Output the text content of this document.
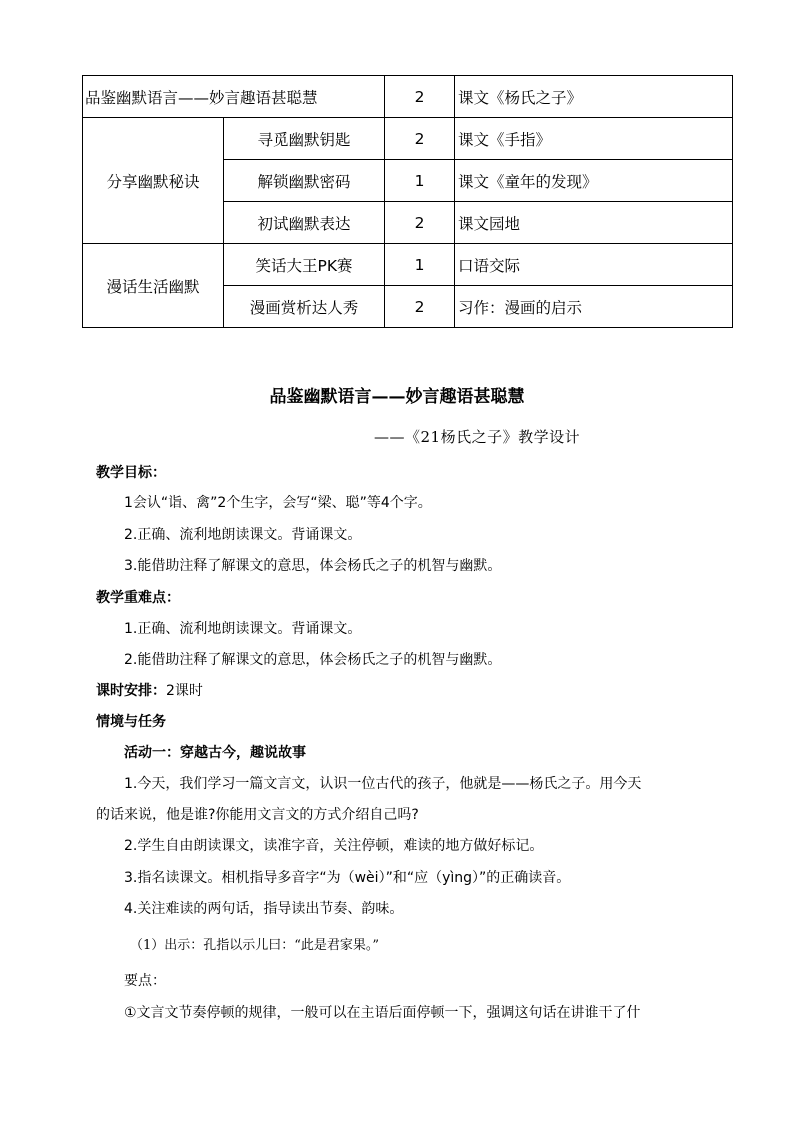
品鉴幽默语言——妙言趣语甚聪慧		2	课文《杨氏之子》
分享幽默秘诀	寻觅幽默钥匙	2	课文《手指》
	解锁幽默密码	1	课文《童年的发现》
	初试幽默表达	2	课文园地
漫话生活幽默	笑话大王PK赛	1	口语交际
	漫画赏析达人秀	2	习作：漫画的启示
品鉴幽默语言——妙言趣语甚聪慧
——《21杨氏之子》教学设计
教学目标：
1会认“诣、禽”2个生字，会写“梁、聪”等4个字。
2.正确、流利地朗读课文。背诵课文。
3.能借助注释了解课文的意思，体会杨氏之子的机智与幽默。
教学重难点：
1.正确、流利地朗读课文。背诵课文。
2.能借助注释了解课文的意思，体会杨氏之子的机智与幽默。
课时安排：2课时
情境与任务
活动一：穿越古今，趣说故事
1.今天，我们学习一篇文言文，认识一位古代的孩子，他就是——杨氏之子。用今天
的话来说，他是谁?你能用文言文的方式介绍自己吗?
2.学生自由朗读课文，读准字音，关注停顿，难读的地方做好标记。
3.指名读课文。相机指导多音字“为（wèi）”和“应（yìng）”的正确读音。
4.关注难读的两句话，指导读出节奏、韵味。
（1）出示：孔指以示儿曰：“此是君家果。”
要点：
①文言文节奏停顿的规律，一般可以在主语后面停顿一下，强调这句话在讲谁干了什
